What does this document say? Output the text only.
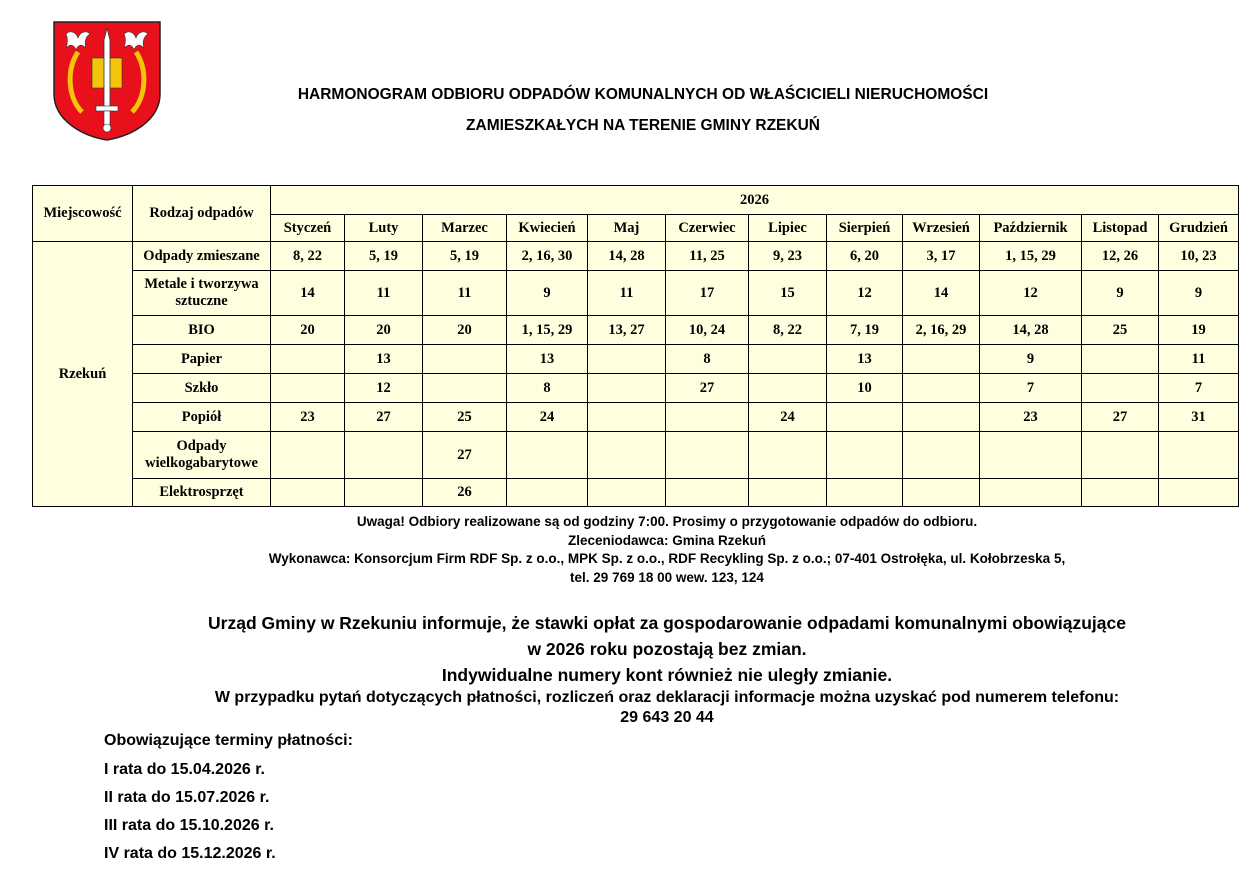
HARMONOGRAM ODBIORU ODPADÓW KOMUNALNYCH OD WŁAŚCICIELI NIERUCHOMOŚCI
ZAMIESZKAŁYCH NA TERENIE GMINY RZEKUŃ
Miejscowość	Rodzaj odpadów	2026											
		Styczeń	Luty	Marzec	Kwiecień	Maj	Czerwiec	Lipiec	Sierpień	Wrzesień	Październik	Listopad	Grudzień
Rzekuń	Odpady zmieszane	8, 22	5, 19	5, 19	2, 16, 30	14, 28	11, 25	9, 23	6, 20	3, 17	1, 15, 29	12, 26	10, 23
	Metale i tworzywa sztuczne	14	11	11	9	11	17	15	12	14	12	9	9
	BIO	20	20	20	1, 15, 29	13, 27	10, 24	8, 22	7, 19	2, 16, 29	14, 28	25	19
	Papier		13		13		8		13		9		11
	Szkło		12		8		27		10		7		7
	Popiół	23	27	25	24			24			23	27	31
	Odpady wielkogabarytowe			27									
	Elektrosprzęt			26									
Uwaga! Odbiory realizowane są od godziny 7:00. Prosimy o przygotowanie odpadów do odbioru.
Zleceniodawca: Gmina Rzekuń
Wykonawca: Konsorcjum Firm RDF Sp. z o.o., MPK Sp. z o.o., RDF Recykling Sp. z o.o.; 07-401 Ostrołęka, ul. Kołobrzeska 5,
tel. 29 769 18 00 wew. 123, 124
Urząd Gminy w Rzekuniu informuje, że stawki opłat za gospodarowanie odpadami komunalnymi obowiązujące
w 2026 roku pozostają bez zmian.
Indywidualne numery kont również nie uległy zmianie.
W przypadku pytań dotyczących płatności, rozliczeń oraz deklaracji informacje można uzyskać pod numerem telefonu:
29 643 20 44
Obowiązujące terminy płatności:
I rata do 15.04.2026 r.
II rata do 15.07.2026 r.
III rata do 15.10.2026 r.
IV rata do 15.12.2026 r.
